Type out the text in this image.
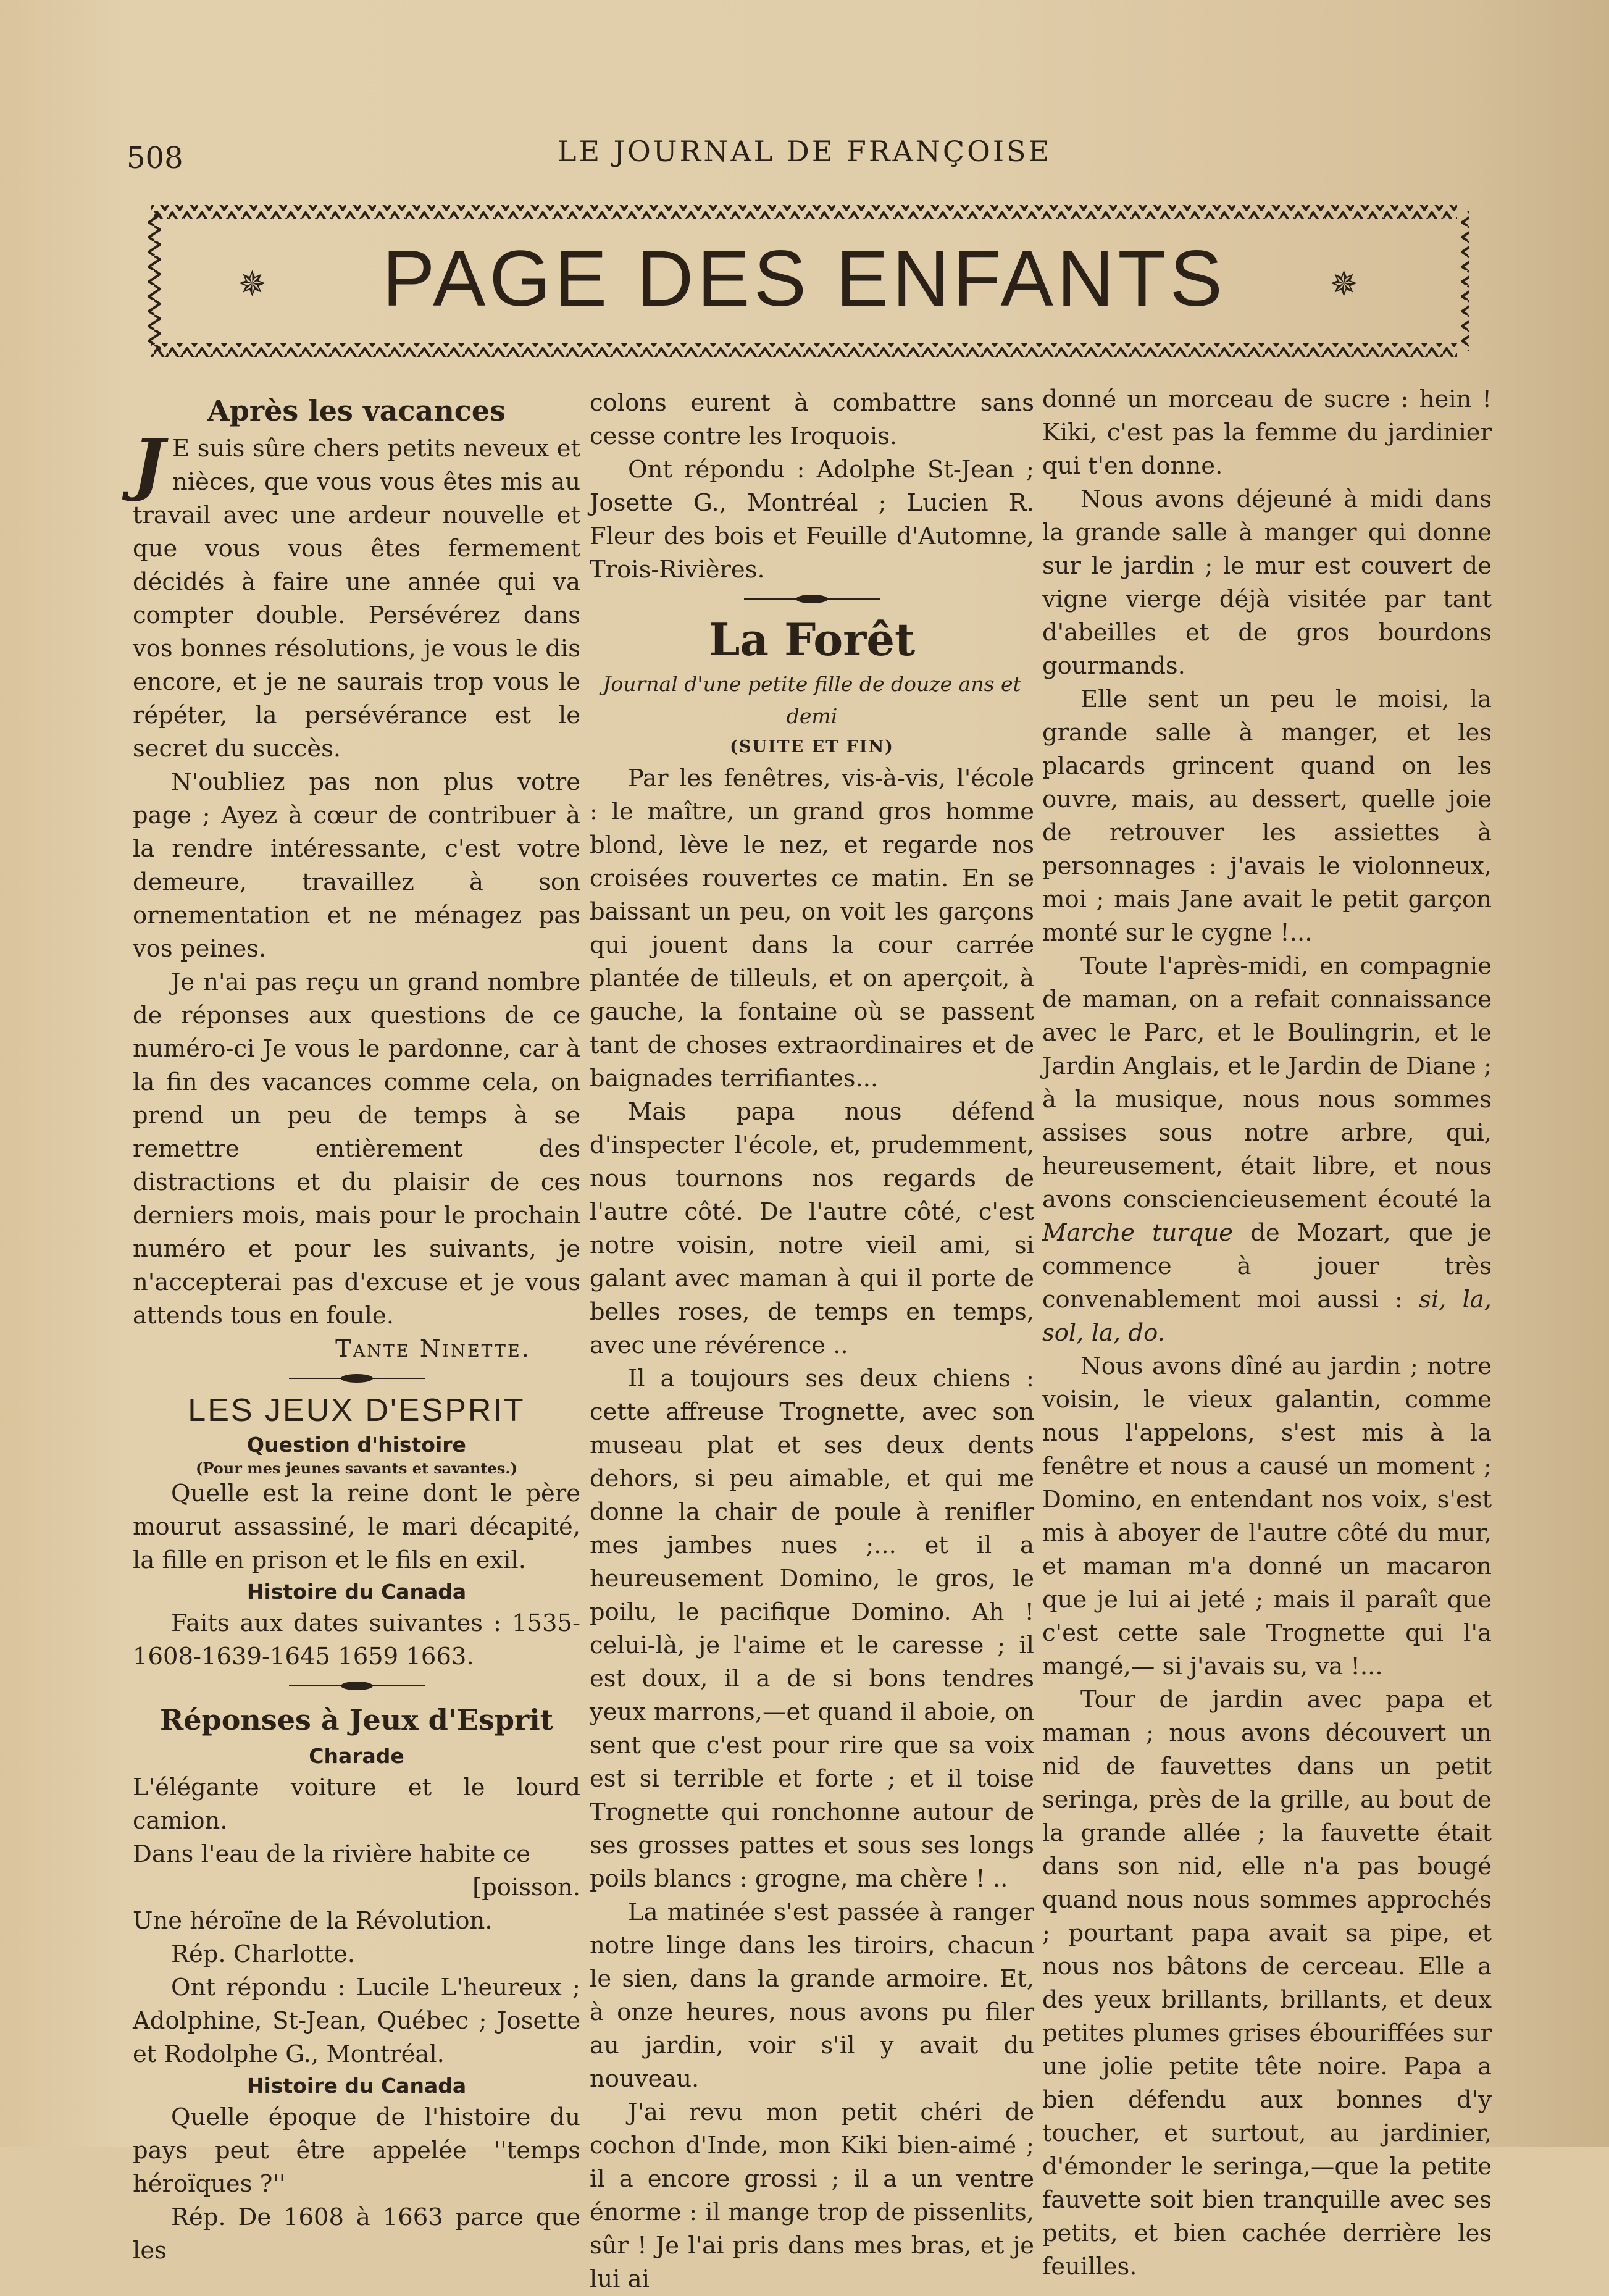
508	LE JOURNAL DE FRANÇOISE
✵	PAGE DES ENFANTS	✵
Après les vacances

J E suis sûre chers petits neveux et nièces, que vous vous êtes mis au travail avec une ardeur nouvelle et que vous vous êtes fermement décidés à faire une année qui va compter double. Persévérez dans vos bonnes résolutions, je vous le dis encore, et je ne saurais trop vous le répéter, la persévérance est le secret du succès.

N'oubliez pas non plus votre page ; Ayez à cœur de contribuer à la rendre intéressante, c'est votre demeure, travaillez à son ornementation et ne ménagez pas vos peines.

Je n'ai pas reçu un grand nombre de réponses aux questions de ce numéro-ci Je vous le pardonne, car à la fin des vacances comme cela, on prend un peu de temps à se remettre entièrement des distractions et du plaisir de ces derniers mois, mais pour le prochain numéro et pour les suivants, je n'accepterai pas d'excuse et je vous attends tous en foule.

Tante Ninette.
LES JEUX D'ESPRIT
Question d'histoire
(Pour mes jeunes savants et savantes.)

Quelle est la reine dont le père mourut assassiné, le mari décapité, la fille en prison et le fils en exil.

Histoire du Canada

Faits aux dates suivantes : 1535-1608-1639-1645 1659 1663.

Réponses à Jeux d'Esprit
Charade

L'élégante voiture et le lourd camion.

Dans l'eau de la rivière habite ce

[poisson.

Une héroïne de la Révolution.

Rép. Charlotte.

Ont répondu : Lucile L'heureux ; Adolphine, St-Jean, Québec ; Josette et Rodolphe G., Montréal.

Histoire du Canada

Quelle époque de l'histoire du pays peut être appelée ''temps héroïques ?''

Rép. De 1608 à 1663 parce que les

colons eurent à combattre sans cesse contre les Iroquois.

Ont répondu : Adolphe St-Jean ; Josette G., Montréal ; Lucien R. Fleur des bois et Feuille d'Automne, Trois-Rivières.

La Forêt
Journal d'une petite fille de douze ans et demi
(SUITE ET FIN)

Par les fenêtres, vis-à-vis, l'école : le maître, un grand gros homme blond, lève le nez, et regarde nos croisées rouvertes ce matin. En se baissant un peu, on voit les garçons qui jouent dans la cour carrée plantée de tilleuls, et on aperçoit, à gauche, la fontaine où se passent tant de choses extraordinaires et de baignades terrifiantes...

Mais papa nous défend d'inspecter l'école, et, prudemment, nous tournons nos regards de l'autre côté. De l'autre côté, c'est notre voisin, notre vieil ami, si galant avec maman à qui il porte de belles roses, de temps en temps, avec une révérence ..

Il a toujours ses deux chiens : cette affreuse Trognette, avec son museau plat et ses deux dents dehors, si peu aimable, et qui me donne la chair de poule à renifler mes jambes nues ;... et il a heureusement Domino, le gros, le poilu, le pacifique Domino. Ah ! celui-là, je l'aime et le caresse ; il est doux, il a de si bons tendres yeux marrons,—et quand il aboie, on sent que c'est pour rire que sa voix est si terrible et forte ; et il toise Trognette qui ronchonne autour de ses grosses pattes et sous ses longs poils blancs : grogne, ma chère ! ..

La matinée s'est passée à ranger notre linge dans les tiroirs, chacun le sien, dans la grande armoire. Et, à onze heures, nous avons pu filer au jardin, voir s'il y avait du nouveau.

J'ai revu mon petit chéri de cochon d'Inde, mon Kiki bien-aimé ; il a encore grossi ; il a un ventre énorme : il mange trop de pissenlits, sûr ! Je l'ai pris dans mes bras, et je lui ai

donné un morceau de sucre : hein ! Kiki, c'est pas la femme du jardinier qui t'en donne.

Nous avons déjeuné à midi dans la grande salle à manger qui donne sur le jardin ; le mur est couvert de vigne vierge déjà visitée par tant d'abeilles et de gros bourdons gourmands.

Elle sent un peu le moisi, la grande salle à manger, et les placards grincent quand on les ouvre, mais, au dessert, quelle joie de retrouver les assiettes à personnages : j'avais le violonneux, moi ; mais Jane avait le petit garçon monté sur le cygne !...

Toute l'après-midi, en compagnie de maman, on a refait connaissance avec le Parc, et le Boulingrin, et le Jardin Anglais, et le Jardin de Diane ; à la musique, nous nous sommes assises sous notre arbre, qui, heureusement, était libre, et nous avons consciencieusement écouté la Marche turque de Mozart, que je commence à jouer très convenablement moi aussi : si, la, sol, la, do.

Nous avons dîné au jardin ; notre voisin, le vieux galantin, comme nous l'appelons, s'est mis à la fenêtre et nous a causé un moment ; Domino, en entendant nos voix, s'est mis à aboyer de l'autre côté du mur, et maman m'a donné un macaron que je lui ai jeté ; mais il paraît que c'est cette sale Trognette qui l'a mangé,— si j'avais su, va !...

Tour de jardin avec papa et maman ; nous avons découvert un nid de fauvettes dans un petit seringa, près de la grille, au bout de la grande allée ; la fauvette était dans son nid, elle n'a pas bougé quand nous nous sommes approchés ; pourtant papa avait sa pipe, et nous nos bâtons de cerceau. Elle a des yeux brillants, brillants, et deux petites plumes grises ébouriffées sur une jolie petite tête noire. Papa a bien défendu aux bonnes d'y toucher, et surtout, au jardinier, d'émonder le seringa,—que la petite fauvette soit bien tranquille avec ses petits, et bien cachée derrière les feuilles.
